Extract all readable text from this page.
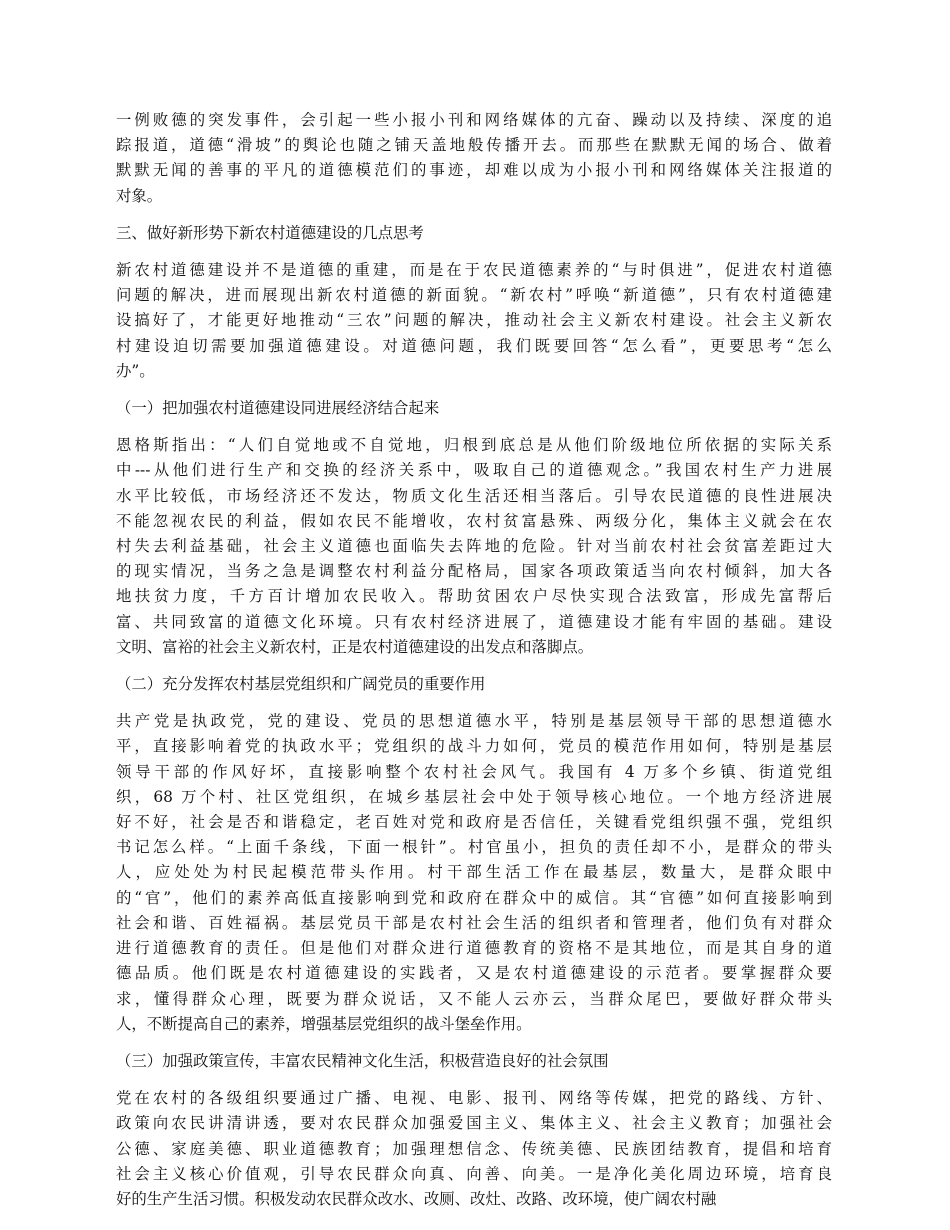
一例败德的突发事件，会引起一些小报小刊和网络媒体的亢奋、躁动以及持续、深度的追
踪报道，道德“滑坡”的舆论也随之铺天盖地般传播开去。而那些在默默无闻的场合、做着
默默无闻的善事的平凡的道德模范们的事迹，却难以成为小报小刊和网络媒体关注报道的
对象。
三、做好新形势下新农村道德建设的几点思考
新农村道德建设并不是道德的重建，而是在于农民道德素养的“与时俱进”，促进农村道德
问题的解决，进而展现出新农村道德的新面貌。“新农村”呼唤“新道德”，只有农村道德建
设搞好了，才能更好地推动“三农”问题的解决，推动社会主义新农村建设。社会主义新农
村建设迫切需要加强道德建设。对道德问题，我们既要回答“怎么看”，更要思考“怎么
办”。
（一）把加强农村道德建设同进展经济结合起来
恩格斯指出：“人们自觉地或不自觉地，归根到底总是从他们阶级地位所依据的实际关系
中---从他们进行生产和交换的经济关系中，吸取自己的道德观念。”我国农村生产力进展
水平比较低，市场经济还不发达，物质文化生活还相当落后。引导农民道德的良性进展决
不能忽视农民的利益，假如农民不能增收，农村贫富悬殊、两级分化，集体主义就会在农
村失去利益基础，社会主义道德也面临失去阵地的危险。针对当前农村社会贫富差距过大
的现实情况，当务之急是调整农村利益分配格局，国家各项政策适当向农村倾斜，加大各
地扶贫力度，千方百计增加农民收入。帮助贫困农户尽快实现合法致富，形成先富帮后
富、共同致富的道德文化环境。只有农村经济进展了，道德建设才能有牢固的基础。建设
文明、富裕的社会主义新农村，正是农村道德建设的出发点和落脚点。
（二）充分发挥农村基层党组织和广阔党员的重要作用
共产党是执政党，党的建设、党员的思想道德水平，特别是基层领导干部的思想道德水
平，直接影响着党的执政水平；党组织的战斗力如何，党员的模范作用如何，特别是基层
领导干部的作风好坏，直接影响整个农村社会风气。我国有 4 万多个乡镇、街道党组
织，68 万个村、社区党组织，在城乡基层社会中处于领导核心地位。一个地方经济进展
好不好，社会是否和谐稳定，老百姓对党和政府是否信任，关键看党组织强不强，党组织
书记怎么样。“上面千条线，下面一根针”。村官虽小，担负的责任却不小，是群众的带头
人，应处处为村民起模范带头作用。村干部生活工作在最基层，数量大，是群众眼中
的“官”，他们的素养高低直接影响到党和政府在群众中的威信。其“官德”如何直接影响到
社会和谐、百姓福祸。基层党员干部是农村社会生活的组织者和管理者，他们负有对群众
进行道德教育的责任。但是他们对群众进行道德教育的资格不是其地位，而是其自身的道
德品质。他们既是农村道德建设的实践者，又是农村道德建设的示范者。要掌握群众要
求，懂得群众心理，既要为群众说话，又不能人云亦云，当群众尾巴，要做好群众带头
人，不断提高自己的素养，增强基层党组织的战斗堡垒作用。
（三）加强政策宣传，丰富农民精神文化生活，积极营造良好的社会氛围
党在农村的各级组织要通过广播、电视、电影、报刊、网络等传媒，把党的路线、方针、
政策向农民讲清讲透，要对农民群众加强爱国主义、集体主义、社会主义教育；加强社会
公德、家庭美德、职业道德教育；加强理想信念、传统美德、民族团结教育，提倡和培育
社会主义核心价值观，引导农民群众向真、向善、向美。一是净化美化周边环境，培育良
好的生产生活习惯。积极发动农民群众改水、改厕、改灶、改路、改环境，使广阔农村融
